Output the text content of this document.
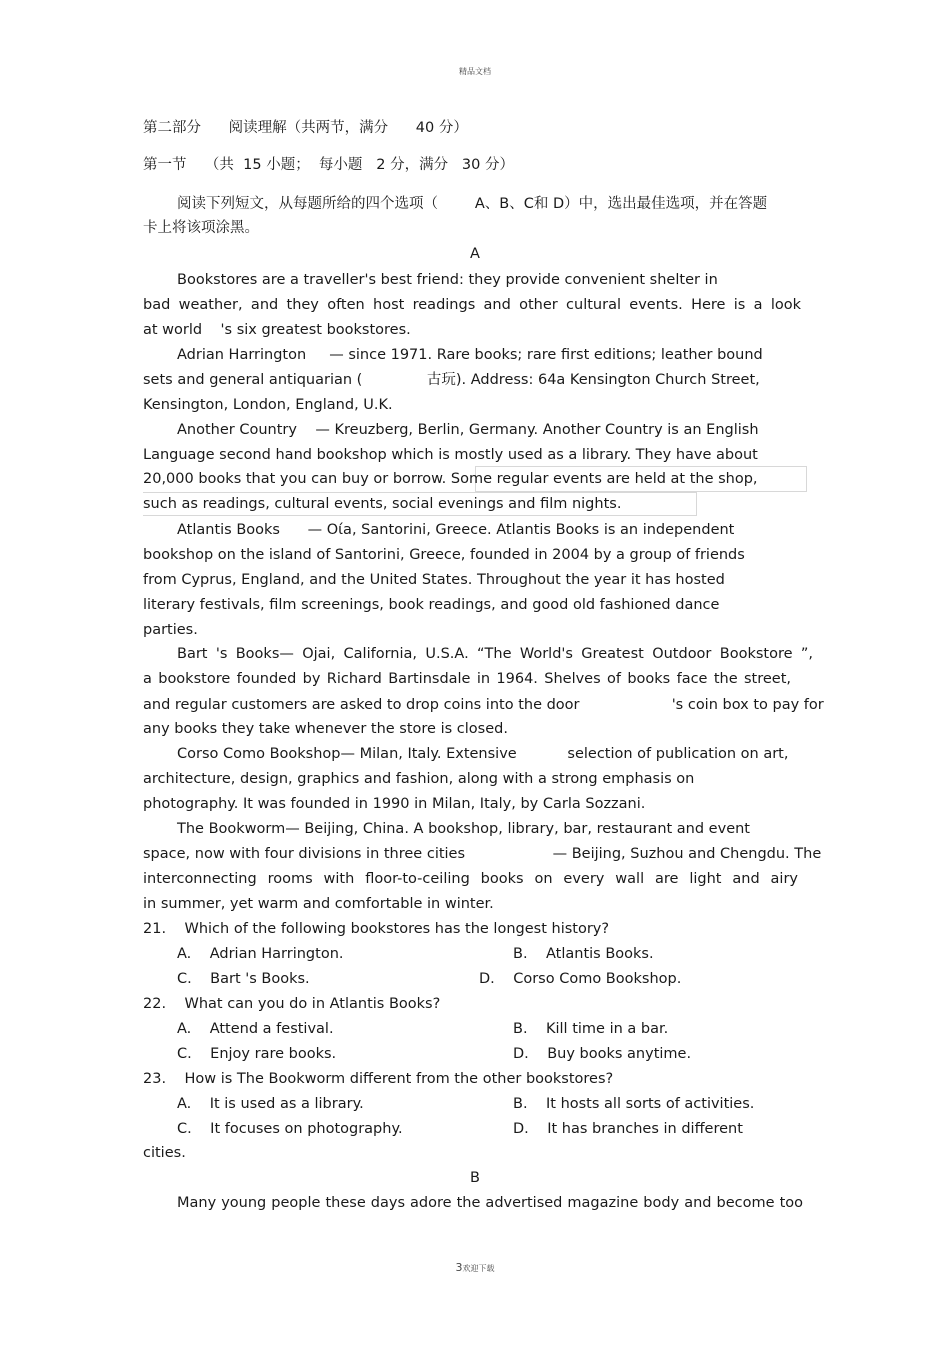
精品文档
第二部分      阅读理解（共两节，满分      40 分）
第一节    （共  15 小题；  每小题   2 分，满分   30 分）
阅读下列短文，从每题所给的四个选项（        A、B、C和 D）中，选出最佳选项，并在答题
卡上将该项涂黑。
A
Bookstores are a traveller's best friend: they provide convenient shelter in
bad weather, and they often host readings and other cultural events. Here is a look
at world    's six greatest bookstores.
Adrian Harrington     — since 1971. Rare books; rare first editions; leather bound
sets and general antiquarian (              古玩). Address: 64a Kensington Church Street,
Kensington, London, England, U.K.
Another Country    — Kreuzberg, Berlin, Germany. Another Country is an English
Language second hand bookshop which is mostly used as a library. They have about
20,000 books that you can buy or borrow. Some regular events are held at the shop,
such as readings, cultural events, social evenings and film nights.
Atlantis Books      — Oίa, Santorini, Greece. Atlantis Books is an independent
bookshop on the island of Santorini, Greece, founded in 2004 by a group of friends
from Cyprus, England, and the United States. Throughout the year it has hosted
literary festivals, film screenings, book readings, and good old fashioned dance
parties.
Bart 's Books— Ojai, California, U.S.A. “The World's Greatest Outdoor Bookstore ”,
a bookstore founded by Richard Bartinsdale in 1964. Shelves of books face the street,
and regular customers are asked to drop coins into the door                    's coin box to pay for
any books they take whenever the store is closed.
Corso Como Bookshop— Milan, Italy. Extensive           selection of publication on art,
architecture, design, graphics and fashion, along with a strong emphasis on
photography. It was founded in 1990 in Milan, Italy, by Carla Sozzani.
The Bookworm— Beijing, China. A bookshop, library, bar, restaurant and event
space, now with four divisions in three cities                   — Beijing, Suzhou and Chengdu. The
interconnecting rooms with floor-to-ceiling books on every wall are light and airy
in summer, yet warm and comfortable in winter.
21.    Which of the following bookstores has the longest history?
A.    Adrian Harrington.	B.    Atlantis Books.
C.    Bart 's Books.	D.    Corso Como Bookshop.
22.    What can you do in Atlantis Books?
A.    Attend a festival.	B.    Kill time in a bar.
C.    Enjoy rare books.	D.    Buy books anytime.
23.    How is The Bookworm different from the other bookstores?
A.    It is used as a library.	B.    It hosts all sorts of activities.
C.    It focuses on photography.	D.    It has branches in different
cities.
B
Many young people these days adore the advertised magazine body and become too
3欢迎下载
